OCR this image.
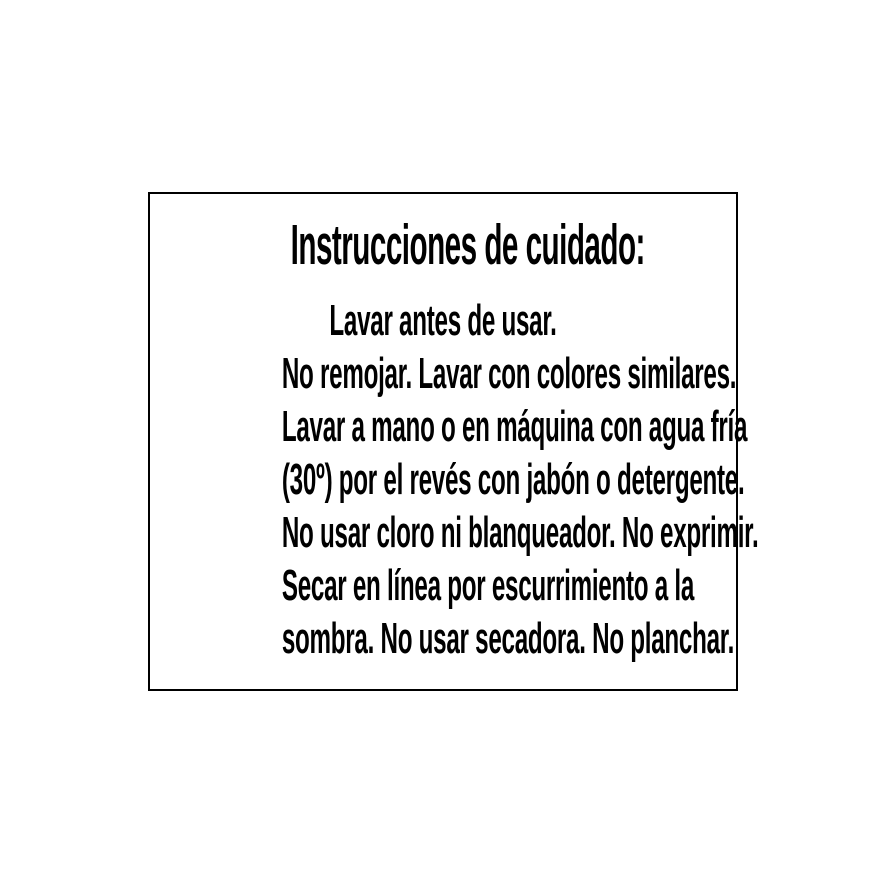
Instrucciones de cuidado:

Lavar antes de usar.

No remojar. Lavar con colores similares.

Lavar a mano o en máquina con agua fría

(30º) por el revés con jabón o detergente.

No usar cloro ni blanqueador. No exprimir.

Secar en línea por escurrimiento a la

sombra. No usar secadora. No planchar.
